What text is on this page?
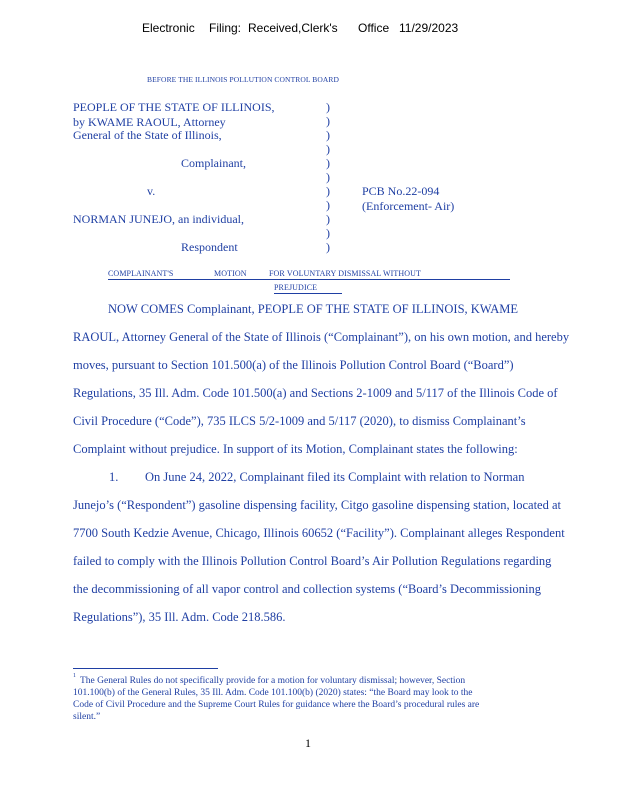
Electronic Filing: Received,Clerk's Office 11/29/2023
BEFORE THE ILLINOIS POLLUTION CONTROL BOARD
PEOPLE OF THE STATE OF ILLINOIS,
by KWAME RAOUL, Attorney
General of the State of Illinois,
Complainant,
v.
NORMAN JUNEJO, an individual,
Respondent
)
)
)
)
)
)
)
)
)
)
)
PCB No.22-094
(Enforcement- Air)
COMPLAINANT'S	MOTION	FOR VOLUNTARY DISMISSAL WITHOUT
PREJUDICE
NOW COMES Complainant, PEOPLE OF THE STATE OF ILLINOIS, KWAME
RAOUL, Attorney General of the State of Illinois (“Complainant”), on his own motion, and hereby
moves, pursuant to Section 101.500(a) of the Illinois Pollution Control Board (“Board”)
Regulations, 35 Ill. Adm. Code 101.500(a) and Sections 2-1009 and 5/117 of the Illinois Code of
Civil Procedure (“Code”), 735 ILCS 5/2-1009 and 5/117 (2020), to dismiss Complainant’s
Complaint without prejudice. In support of its Motion, Complainant states the following:
1. On June 24, 2022, Complainant filed its Complaint with relation to Norman
Junejo’s (“Respondent”) gasoline dispensing facility, Citgo gasoline dispensing station, located at
7700 South Kedzie Avenue, Chicago, Illinois 60652 (“Facility”). Complainant alleges Respondent
failed to comply with the Illinois Pollution Control Board’s Air Pollution Regulations regarding
the decommissioning of all vapor control and collection systems (“Board’s Decommissioning
Regulations”), 35 Ill. Adm. Code 218.586.
1 The General Rules do not specifically provide for a motion for voluntary dismissal; however, Section
101.100(b) of the General Rules, 35 Ill. Adm. Code 101.100(b) (2020) states: “the Board may look to the
Code of Civil Procedure and the Supreme Court Rules for guidance where the Board’s procedural rules are
silent.”
1
